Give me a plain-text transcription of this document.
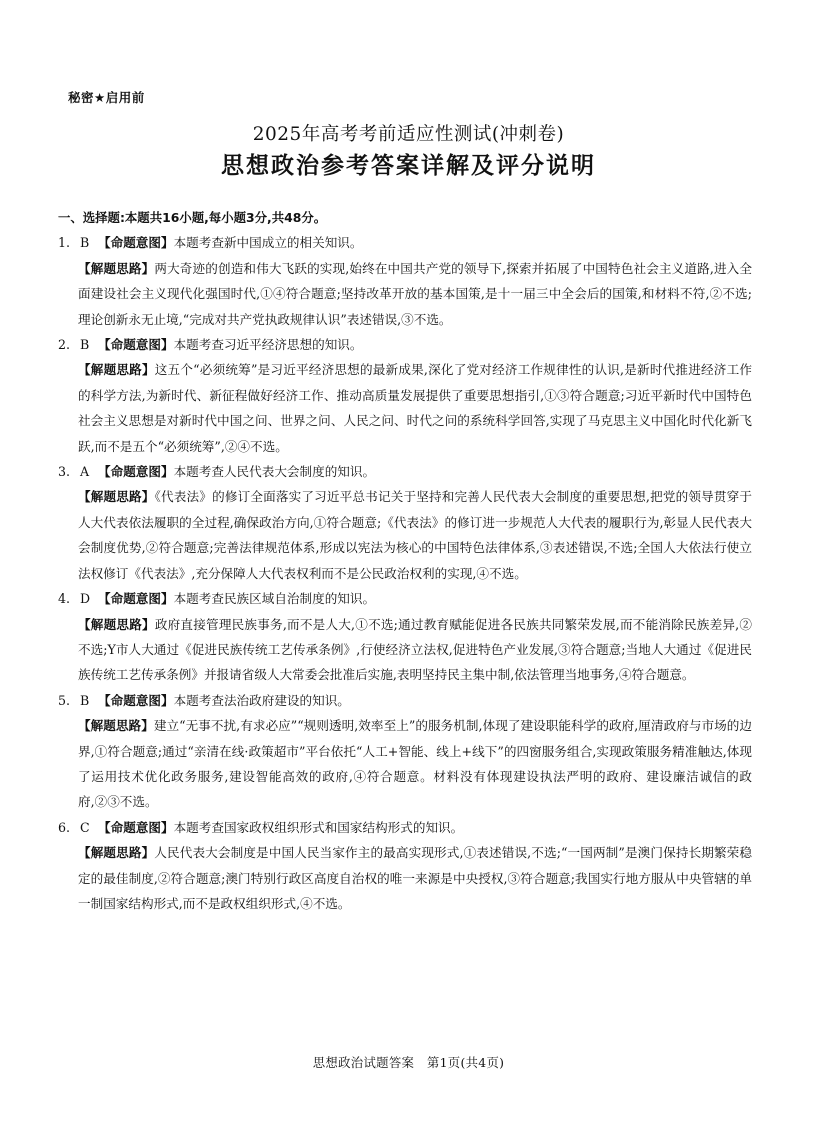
秘密★启用前
2025年高考考前适应性测试(冲刺卷)
思想政治参考答案详解及评分说明

一、选择题:本题共16小题,每小题3分,共48分。

1. B 【命题意图】本题考查新中国成立的相关知识。

【解题思路】两大奇迹的创造和伟大飞跃的实现,始终在中国共产党的领导下,探索并拓展了中国特色社会主义道路,进入全面建设社会主义现代化强国时代,①④符合题意;坚持改革开放的基本国策,是十一届三中全会后的国策,和材料不符,②不选;理论创新永无止境,“完成对共产党执政规律认识”表述错误,③不选。

2. B 【命题意图】本题考查习近平经济思想的知识。

【解题思路】这五个“必须统筹”是习近平经济思想的最新成果,深化了党对经济工作规律性的认识,是新时代推进经济工作的科学方法,为新时代、新征程做好经济工作、推动高质量发展提供了重要思想指引,①③符合题意;习近平新时代中国特色社会主义思想是对新时代中国之问、世界之问、人民之问、时代之问的系统科学回答,实现了马克思主义中国化时代化新飞跃,而不是五个“必须统筹”,②④不选。

3. A 【命题意图】本题考查人民代表大会制度的知识。

【解题思路】《代表法》的修订全面落实了习近平总书记关于坚持和完善人民代表大会制度的重要思想,把党的领导贯穿于人大代表依法履职的全过程,确保政治方向,①符合题意;《代表法》的修订进一步规范人大代表的履职行为,彰显人民代表大会制度优势,②符合题意;完善法律规范体系,形成以宪法为核心的中国特色法律体系,③表述错误,不选;全国人大依法行使立法权修订《代表法》,充分保障人大代表权利而不是公民政治权利的实现,④不选。

4. D 【命题意图】本题考查民族区域自治制度的知识。

【解题思路】政府直接管理民族事务,而不是人大,①不选;通过教育赋能促进各民族共同繁荣发展,而不能消除民族差异,②不选;Y市人大通过《促进民族传统工艺传承条例》,行使经济立法权,促进特色产业发展,③符合题意;当地人大通过《促进民族传统工艺传承条例》并报请省级人大常委会批准后实施,表明坚持民主集中制,依法管理当地事务,④符合题意。

5. B 【命题意图】本题考查法治政府建设的知识。

【解题思路】建立“无事不扰,有求必应”“规则透明,效率至上”的服务机制,体现了建设职能科学的政府,厘清政府与市场的边界,①符合题意;通过“亲清在线·政策超市”平台依托“人工+智能、线上+线下”的四窗服务组合,实现政策服务精准触达,体现了运用技术优化政务服务,建设智能高效的政府,④符合题意。材料没有体现建设执法严明的政府、建设廉洁诚信的政府,②③不选。

6. C 【命题意图】本题考查国家政权组织形式和国家结构形式的知识。

【解题思路】人民代表大会制度是中国人民当家作主的最高实现形式,①表述错误,不选;“一国两制”是澳门保持长期繁荣稳定的最佳制度,②符合题意;澳门特别行政区高度自治权的唯一来源是中央授权,③符合题意;我国实行地方服从中央管辖的单一制国家结构形式,而不是政权组织形式,④不选。

思想政治试题答案　第1页(共4页)
